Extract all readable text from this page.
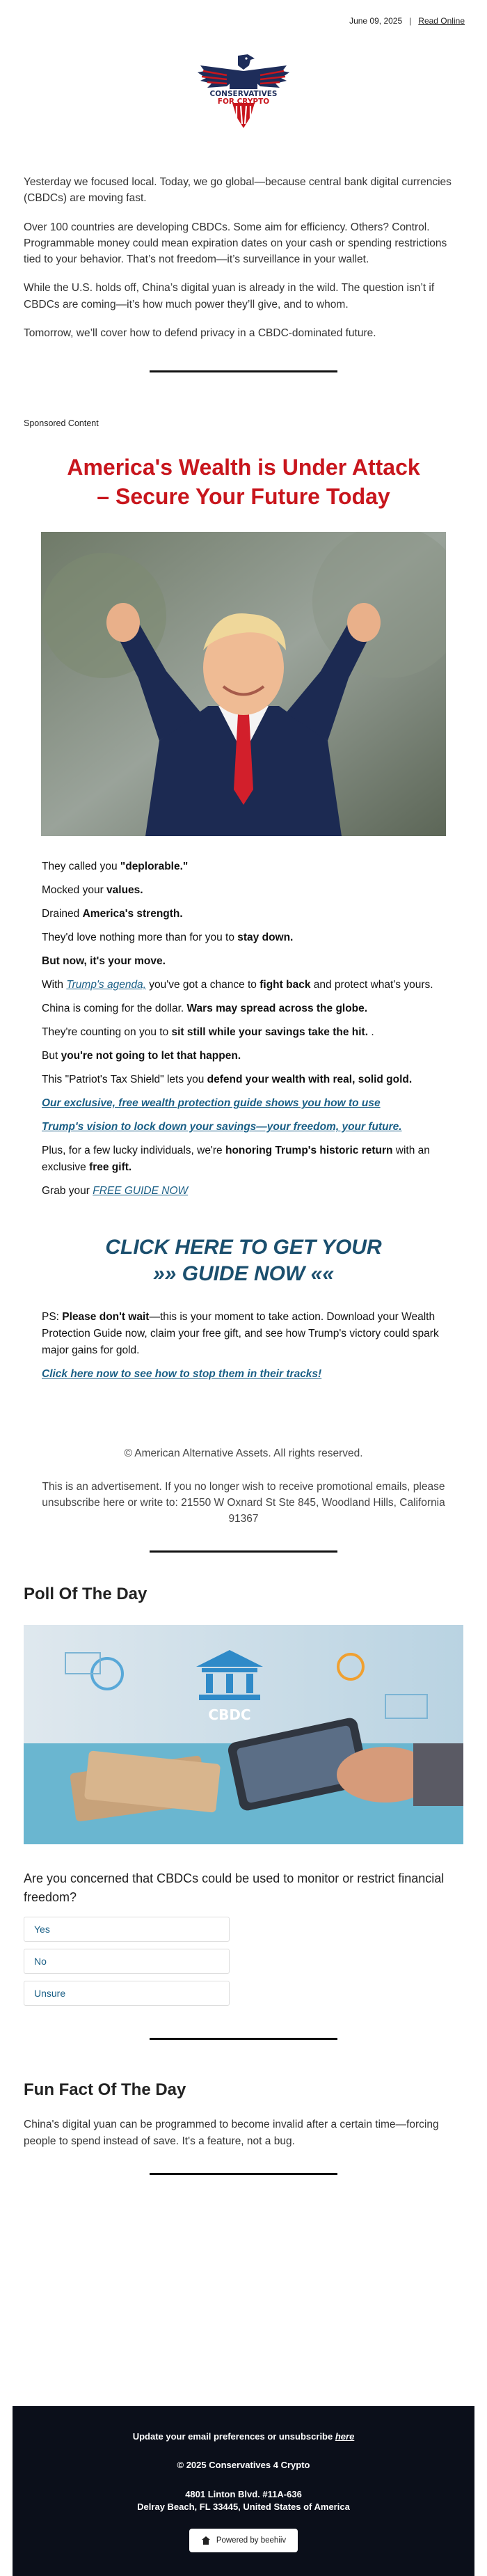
June 09, 2025 | Read Online
CONSERVATIVES
FOR CRYPTO

Yesterday we focused local. Today, we go global—because central bank digital currencies (CBDCs) are moving fast.

Over 100 countries are developing CBDCs. Some aim for efficiency. Others? Control. Programmable money could mean expiration dates on your cash or spending restrictions tied to your behavior. That’s not freedom—it’s surveillance in your wallet.

While the U.S. holds off, China’s digital yuan is already in the wild. The question isn’t if CBDCs are coming—it’s how much power they’ll give, and to whom.

Tomorrow, we’ll cover how to defend privacy in a CBDC-dominated future.

Sponsored Content
America's Wealth is Under Attack
– Secure Your Future Today

They called you "deplorable."

Mocked your values.

Drained America's strength.

They'd love nothing more than for you to stay down.

But now, it's your move.

With Trump's agenda, you've got a chance to fight back and protect what's yours.

China is coming for the dollar. Wars may spread across the globe.

They're counting on you to sit still while your savings take the hit. .

But you're not going to let that happen.

This "Patriot's Tax Shield" lets you defend your wealth with real, solid gold.

Our exclusive, free wealth protection guide shows you how to use

Trump's vision to lock down your savings—your freedom, your future.

Plus, for a few lucky individuals, we're honoring Trump's historic return with an exclusive free gift.

Grab your FREE GUIDE NOW

CLICK HERE TO GET YOUR
»» GUIDE NOW ««
PS: Please don't wait—this is your moment to take action. Download your Wealth Protection Guide now, claim your free gift, and see how Trump's victory could spark major gains for gold.
Click here now to see how to stop them in their tracks!
© American Alternative Assets. All rights reserved.
This is an advertisement. If you no longer wish to receive promotional emails, please unsubscribe here or write to: 21550 W Oxnard St Ste 845, Woodland Hills, California 91367
Poll Of The Day
CBDC
Are you concerned that CBDCs could be used to monitor or restrict financial freedom?
Yes
No
Unsure
Fun Fact Of The Day
China's digital yuan can be programmed to become invalid after a certain time—forcing people to spend instead of save. It's a feature, not a bug.
Update your email preferences or unsubscribe here
© 2025 Conservatives 4 Crypto
4801 Linton Blvd. #11A-636
Delray Beach, FL 33445, United States of America
Powered by beehiiv
